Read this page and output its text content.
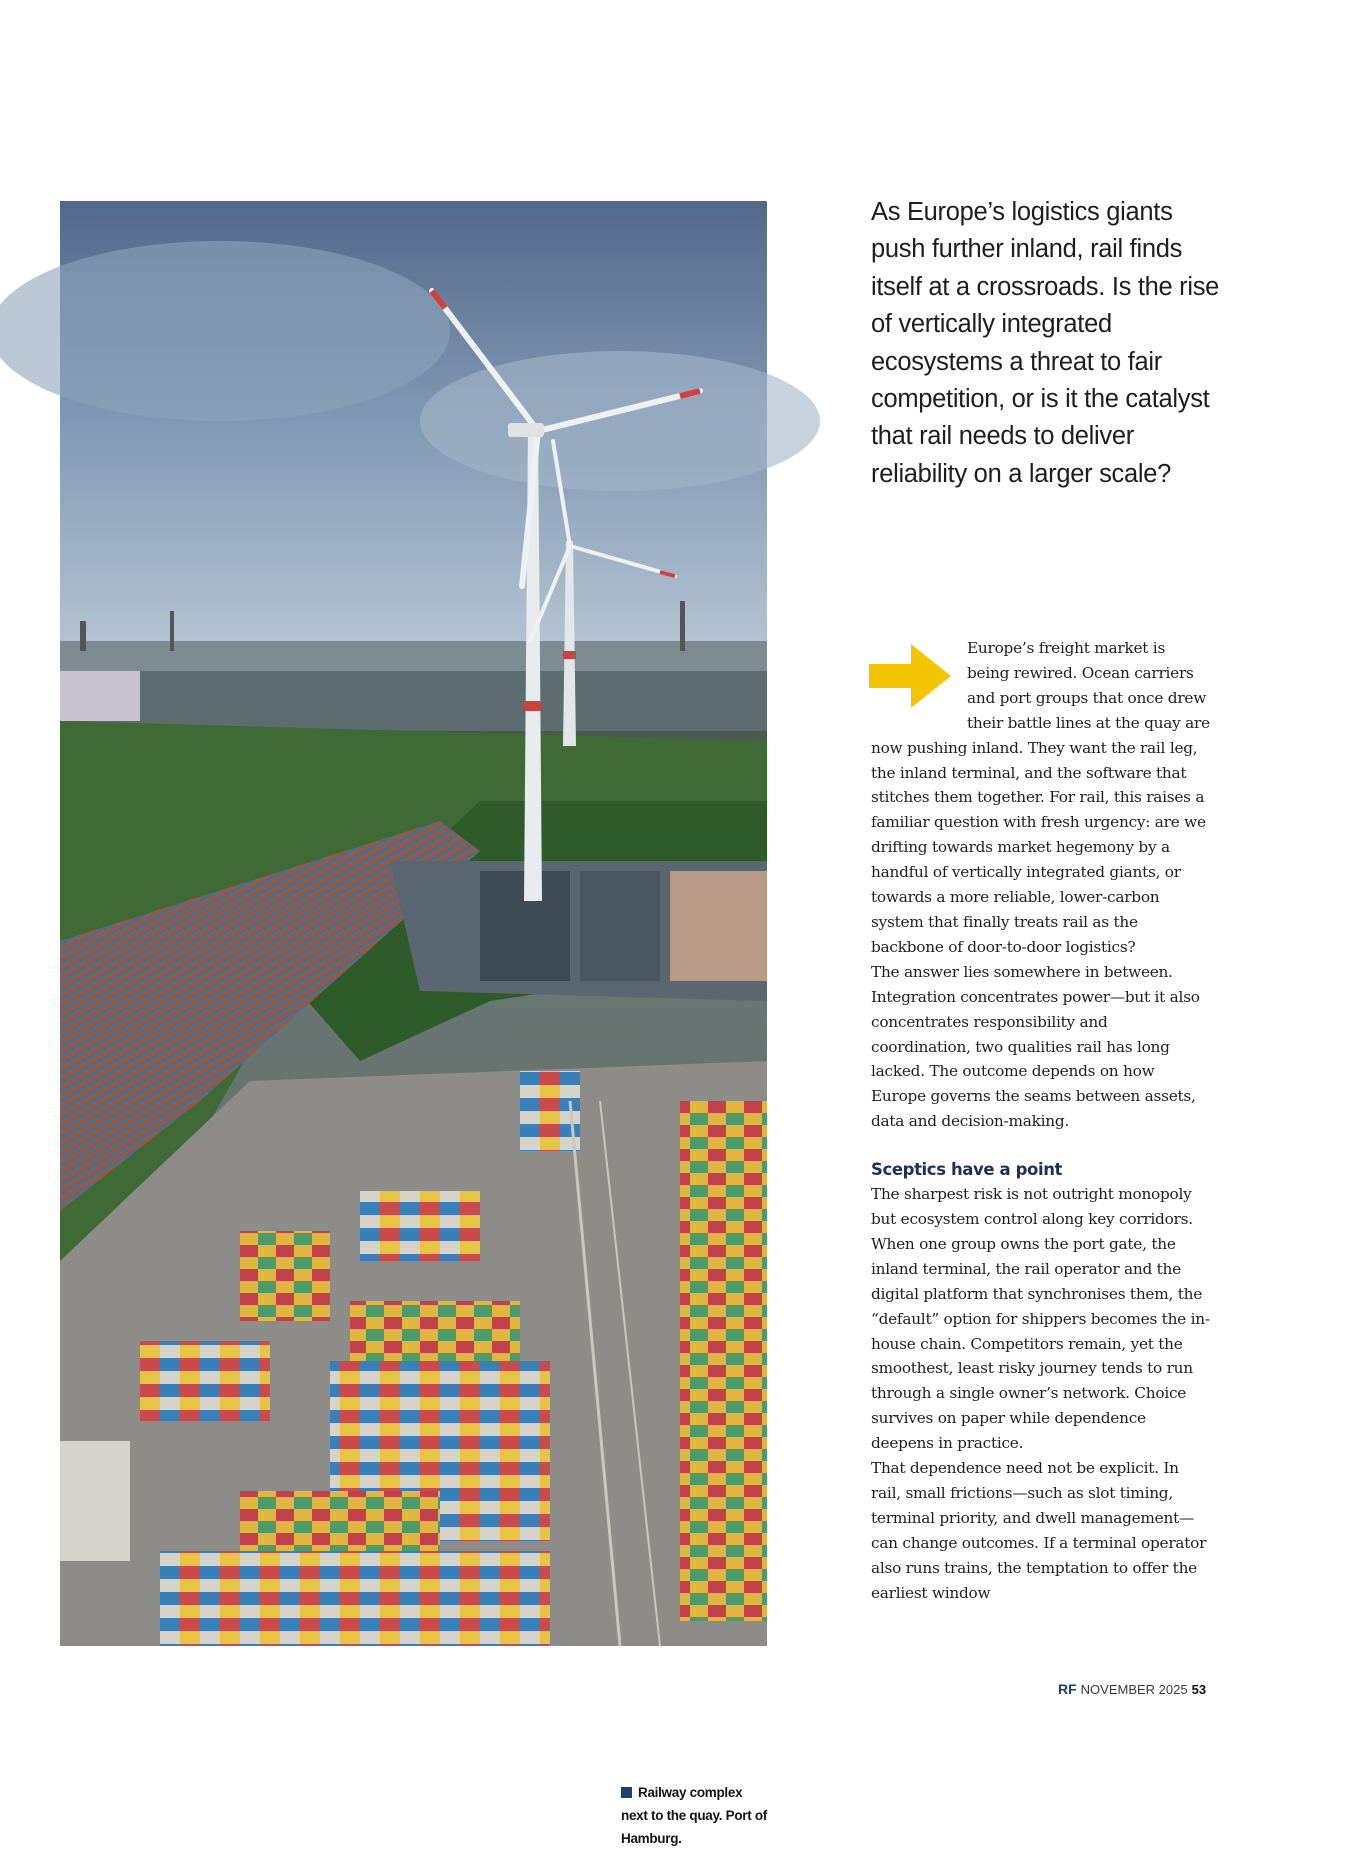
Railway complex next to the quay. Port of Hamburg.
As Europe’s logistics giants push further inland, rail finds itself at a crossroads. Is the rise of vertically integrated ecosystems a threat to fair competition, or is it the catalyst that rail needs to deliver reliability on a larger scale?

Europe’s freight market is being rewired. Ocean carriers and port groups that once drew their battle lines at the quay are now pushing inland. They want the rail leg, the inland terminal, and the software that stitches them together. For rail, this raises a familiar question with fresh urgency: are we drifting towards market hegemony by a handful of vertically integrated giants, or towards a more reliable, lower-carbon system that finally treats rail as the backbone of door-to-door logistics?

The answer lies somewhere in between. Integration concentrates power—but it also concentrates responsibility and coordination, two qualities rail has long lacked. The outcome depends on how Europe governs the seams between assets, data and decision-making.

Sceptics have a point

The sharpest risk is not outright monopoly but ecosystem control along key corridors. When one group owns the port gate, the inland terminal, the rail operator and the digital platform that synchronises them, the “default” option for shippers becomes the in-house chain. Competitors remain, yet the smoothest, least risky journey tends to run through a single owner’s network. Choice survives on paper while dependence deepens in practice.

That dependence need not be explicit. In rail, small frictions—such as slot timing, terminal priority, and dwell management—can change outcomes. If a terminal operator also runs trains, the temptation to offer the earliest window

RF NOVEMBER 2025 53
